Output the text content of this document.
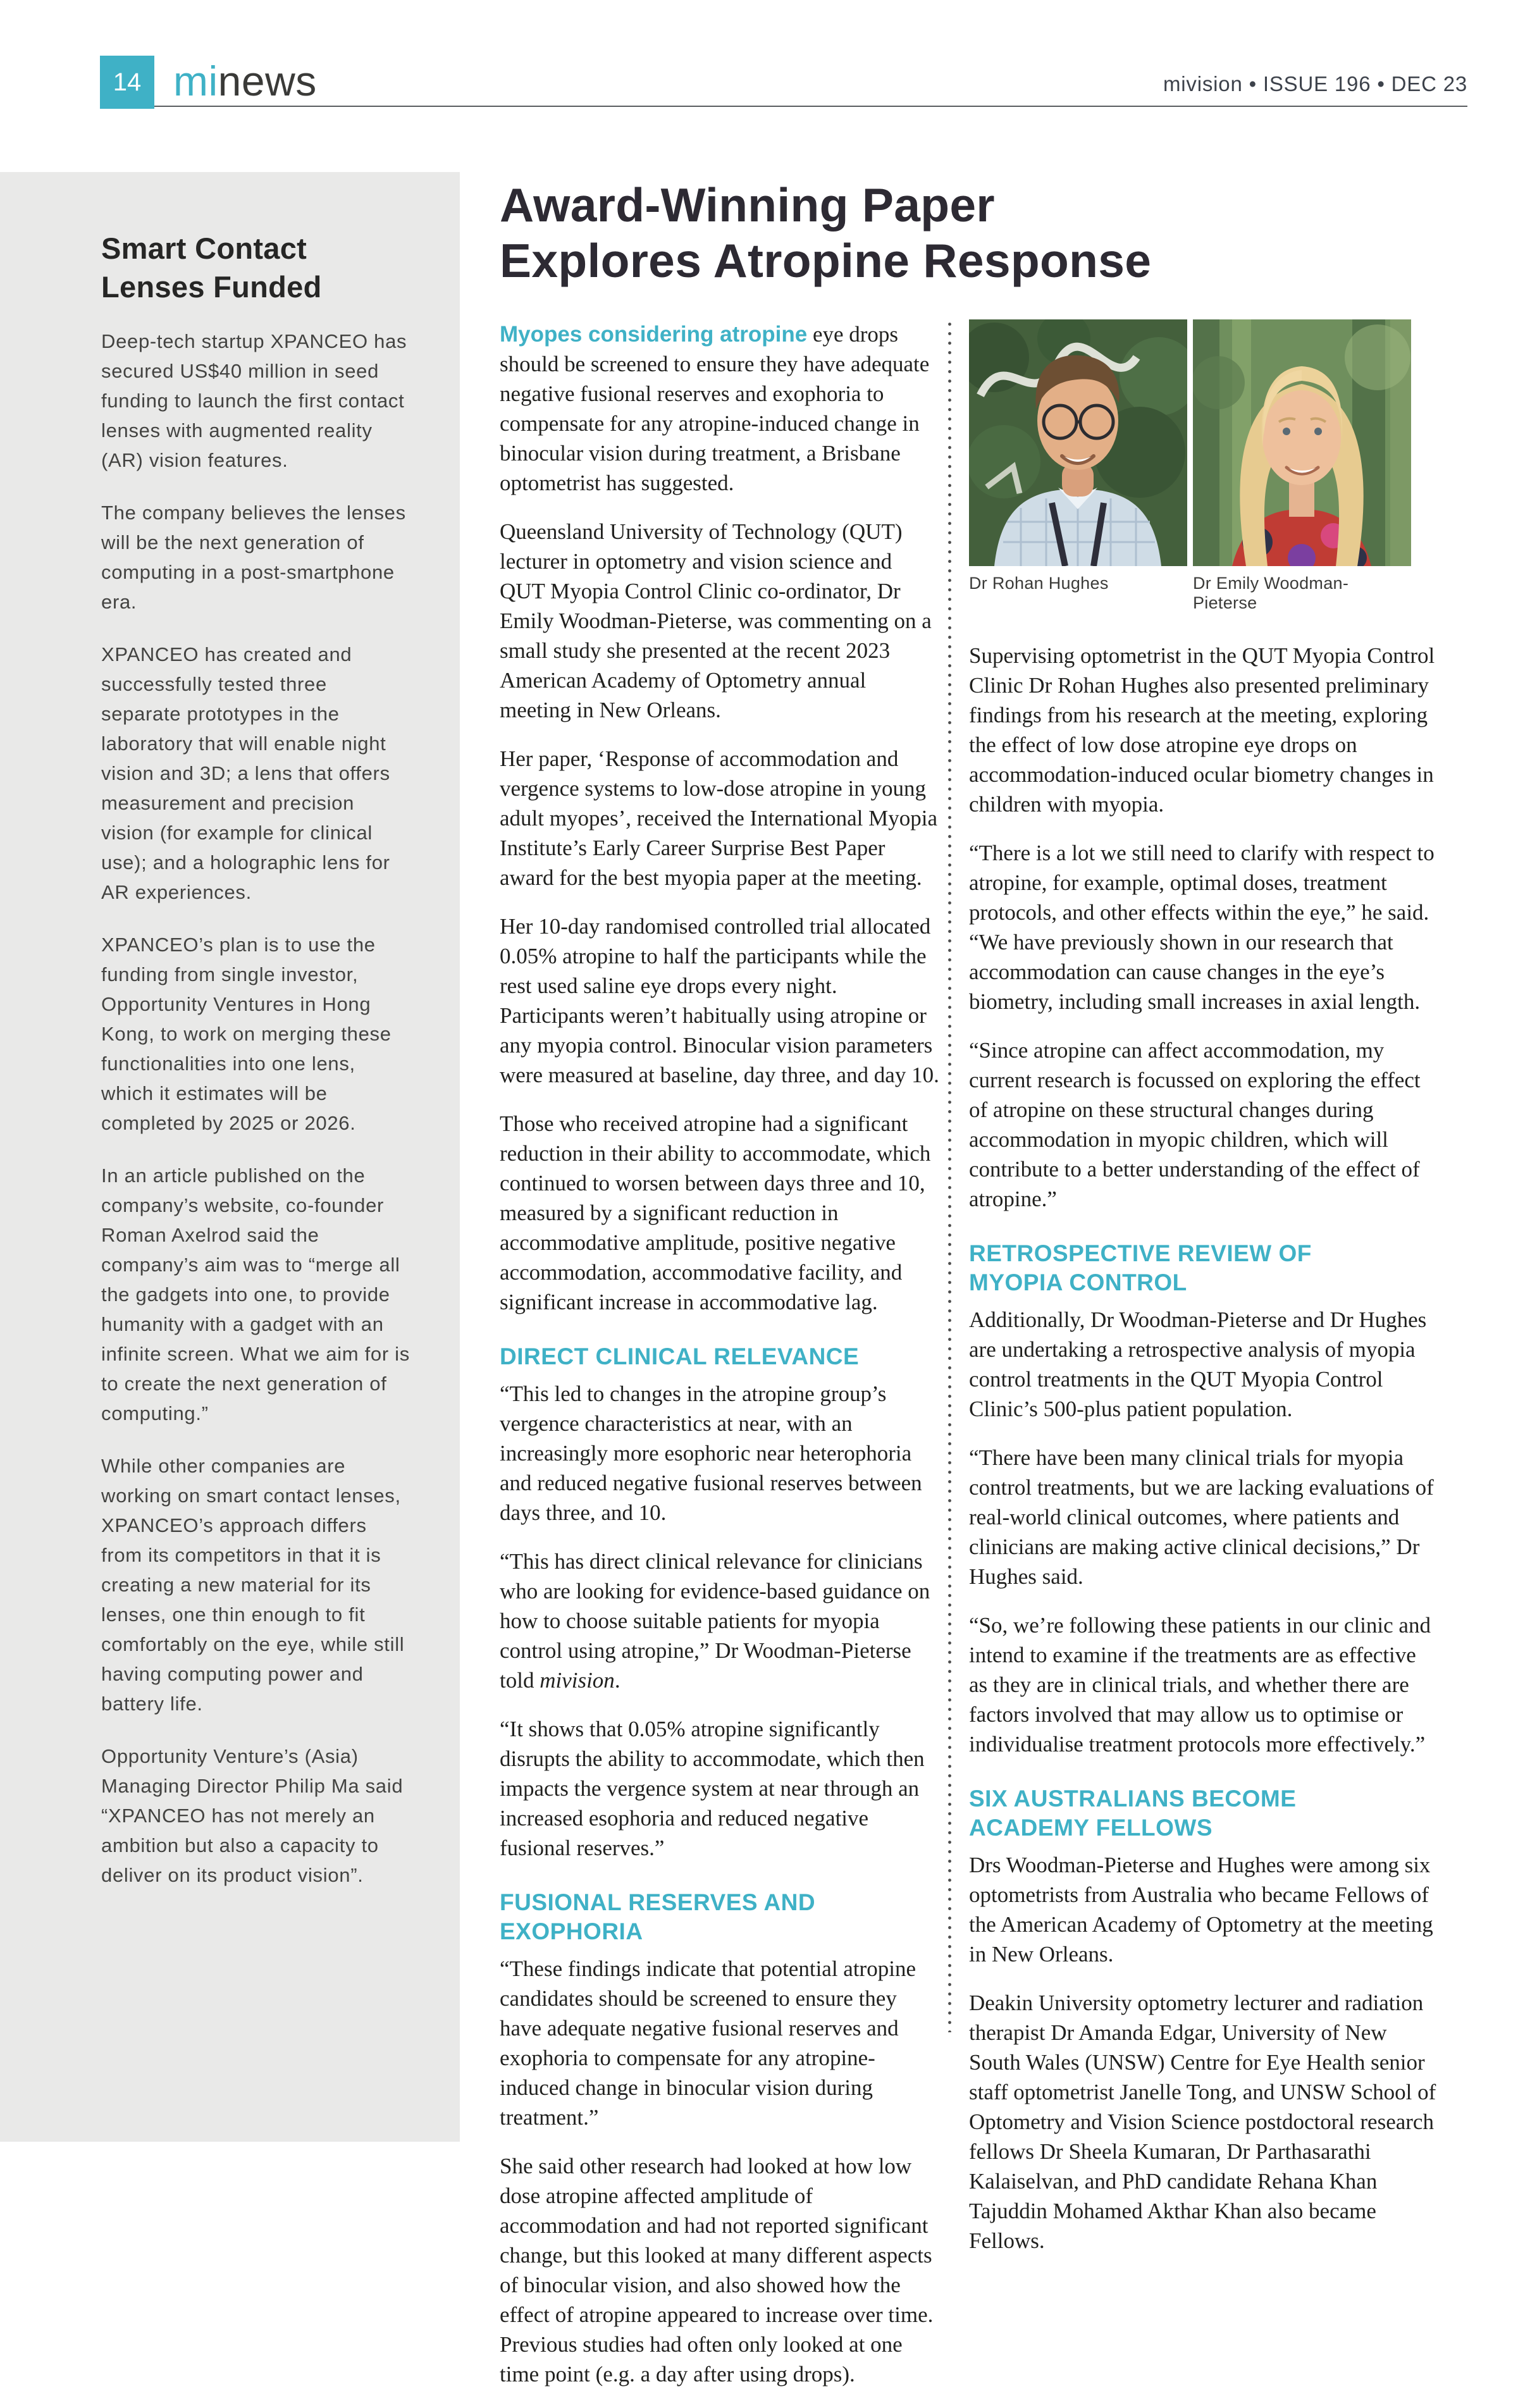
14 minews	mivision • ISSUE 196 • DEC 23
Smart Contact
Lenses Funded

Deep-tech startup XPANCEO has secured US$40 million in seed funding to launch the first contact lenses with augmented reality (AR) vision features.

The company believes the lenses will be the next generation of computing in a post-smartphone era.

XPANCEO has created and successfully tested three separate prototypes in the laboratory that will enable night vision and 3D; a lens that offers measurement and precision vision (for example for clinical use); and a holographic lens for AR experiences.

XPANCEO’s plan is to use the funding from single investor, Opportunity Ventures in Hong Kong, to work on merging these functionalities into one lens, which it estimates will be completed by 2025 or 2026.

In an article published on the company’s website, co-founder Roman Axelrod said the company’s aim was to “merge all the gadgets into one, to provide humanity with a gadget with an infinite screen. What we aim for is to create the next generation of computing.”

While other companies are working on smart contact lenses, XPANCEO’s approach differs from its competitors in that it is creating a new material for its lenses, one thin enough to fit comfortably on the eye, while still having computing power and battery life.

Opportunity Venture’s (Asia) Managing Director Philip Ma said “XPANCEO has not merely an ambition but also a capacity to deliver on its product vision”.

Award-Winning Paper
Explores Atropine Response

Myopes considering atropine eye drops should be screened to ensure they have adequate negative fusional reserves and exophoria to compensate for any atropine-induced change in binocular vision during treatment, a Brisbane optometrist has suggested.

Queensland University of Technology (QUT) lecturer in optometry and vision science and QUT Myopia Control Clinic co-ordinator, Dr Emily Woodman-Pieterse, was commenting on a small study she presented at the recent 2023 American Academy of Optometry annual meeting in New Orleans.

Her paper, ‘Response of accommodation and vergence systems to low-dose atropine in young adult myopes’, received the International Myopia Institute’s Early Career Surprise Best Paper award for the best myopia paper at the meeting.

Her 10-day randomised controlled trial allocated 0.05% atropine to half the participants while the rest used saline eye drops every night. Participants weren’t habitually using atropine or any myopia control. Binocular vision parameters were measured at baseline, day three, and day 10.

Those who received atropine had a significant reduction in their ability to accommodate, which continued to worsen between days three and 10, measured by a significant reduction in accommodative amplitude, positive negative accommodation, accommodative facility, and significant increase in accommodative lag.

DIRECT CLINICAL RELEVANCE

“This led to changes in the atropine group’s vergence characteristics at near, with an increasingly more esophoric near heterophoria and reduced negative fusional reserves between days three, and 10.

“This has direct clinical relevance for clinicians who are looking for evidence-based guidance on how to choose suitable patients for myopia control using atropine,” Dr Woodman-Pieterse told mivision.

“It shows that 0.05% atropine significantly disrupts the ability to accommodate, which then impacts the vergence system at near through an increased esophoria and reduced negative fusional reserves.”

FUSIONAL RESERVES AND EXOPHORIA

“These findings indicate that potential atropine candidates should be screened to ensure they have adequate negative fusional reserves and exophoria to compensate for any atropine-induced change in binocular vision during treatment.”

She said other research had looked at how low dose atropine affected amplitude of accommodation and had not reported significant change, but this looked at many different aspects of binocular vision, and also showed how the effect of atropine appeared to increase over time. Previous studies had often only looked at one time point (e.g. a day after using drops).

Dr Rohan Hughes	Dr Emily Woodman-Pieterse

Supervising optometrist in the QUT Myopia Control Clinic Dr Rohan Hughes also presented preliminary findings from his research at the meeting, exploring the effect of low dose atropine eye drops on accommodation-induced ocular biometry changes in children with myopia.

“There is a lot we still need to clarify with respect to atropine, for example, optimal doses, treatment protocols, and other effects within the eye,” he said. “We have previously shown in our research that accommodation can cause changes in the eye’s biometry, including small increases in axial length.

“Since atropine can affect accommodation, my current research is focussed on exploring the effect of atropine on these structural changes during accommodation in myopic children, which will contribute to a better understanding of the effect of atropine.”

RETROSPECTIVE REVIEW OF
MYOPIA CONTROL

Additionally, Dr Woodman-Pieterse and Dr Hughes are undertaking a retrospective analysis of myopia control treatments in the QUT Myopia Control Clinic’s 500-plus patient population.

“There have been many clinical trials for myopia control treatments, but we are lacking evaluations of real-world clinical outcomes, where patients and clinicians are making active clinical decisions,” Dr Hughes said.

“So, we’re following these patients in our clinic and intend to examine if the treatments are as effective as they are in clinical trials, and whether there are factors involved that may allow us to optimise or individualise treatment protocols more effectively.”

SIX AUSTRALIANS BECOME
ACADEMY FELLOWS

Drs Woodman-Pieterse and Hughes were among six optometrists from Australia who became Fellows of the American Academy of Optometry at the meeting in New Orleans.

Deakin University optometry lecturer and radiation therapist Dr Amanda Edgar, University of New South Wales (UNSW) Centre for Eye Health senior staff optometrist Janelle Tong, and UNSW School of Optometry and Vision Science postdoctoral research fellows Dr Sheela Kumaran, Dr Parthasarathi Kalaiselvan, and PhD candidate Rehana Khan Tajuddin Mohamed Akthar Khan also became Fellows.
